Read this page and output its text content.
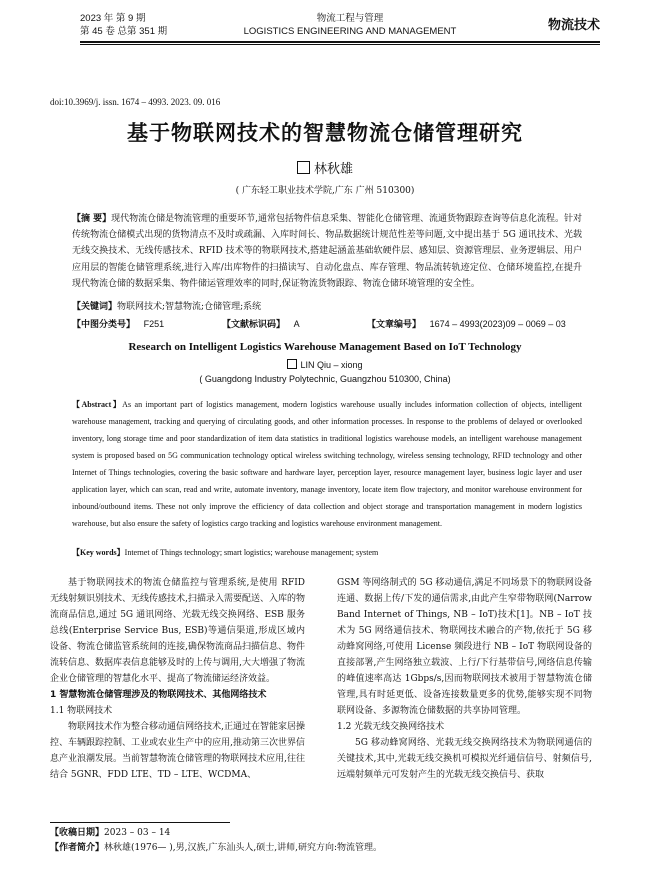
2023 年 第 9 期
第 45 卷 总第 351 期
物流工程与管理
LOGISTICS ENGINEERING AND MANAGEMENT	物流技术
doi:10.3969/j. issn. 1674 – 4993. 2023. 09. 016
基于物联网技术的智慧物流仓储管理研究
林秋雄
( 广东轻工职业技术学院,广东 广州 510300)
【摘 要】现代物流仓储是物流管理的重要环节,通常包括物件信息采集、智能化仓储管理、流通货物跟踪查询等信息化流程。针对传统物流仓储模式出现的货物清点不及时或疏漏、入库时间长、物品数据统计规范性差等问题,文中提出基于 5G 通讯技术、光载无线交换技术、无线传感技术、RFID 技术等的物联网技术,搭建起涵盖基础软硬件层、感知层、资源管理层、业务逻辑层、用户应用层的智能仓储管理系统,进行入库/出库物件的扫描读写、自动化盘点、库存管理、物品流转轨迹定位、仓储环境监控,在提升现代物流仓储的数据采集、物件储运管理效率的同时,保证物流货物跟踪、物流仓储环境管理的安全性。
【关键词】物联网技术;智慧物流;仓储管理;系统
【中图分类号】 F251	【文献标识码】 A	【文章编号】 1674 – 4993(2023)09 – 0069 – 03
Research on Intelligent Logistics Warehouse Management Based on IoT Technology
LIN Qiu – xiong
( Guangdong Industry Polytechnic, Guangzhou 510300, China)
【Abstract】As an important part of logistics management, modern logistics warehouse usually includes information collection of objects, intelligent warehouse management, tracking and querying of circulating goods, and other information processes. In response to the problems of delayed or overlooked inventory, long storage time and poor standardization of item data statistics in traditional logistics warehouse models, an intelligent warehouse management system is proposed based on 5G communication technology optical wireless switching technology, wireless sensing technology, RFID technology and other Internet of Things technologies, covering the basic software and hardware layer, perception layer, resource management layer, business logic layer and user application layer, which can scan, read and write, automate inventory, manage inventory, locate item flow trajectory, and monitor warehouse environment for inbound/outbound items. These not only improve the efficiency of data collection and object storage and transportation management in modern logistics warehouse, but also ensure the safety of logistics cargo tracking and logistics warehouse environment management.
【Key words】Internet of Things technology; smart logistics; warehouse management; system

基于物联网技术的物流仓储监控与管理系统,是使用 RFID 无线射频识别技术、无线传感技术,扫描录入需要配送、入库的物流商品信息,通过 5G 通讯网络、光载无线交换网络、ESB 服务总线(Enterprise Service Bus, ESB)等通信渠道,形成区域内设备、物流仓储监管系统间的连接,确保物流商品扫描信息、物件流转信息、数据库表信息能够及时的上传与调用,大大增强了物流企业仓储管理的智慧化水平、提高了物流储运经济效益。

1 智慧物流仓储管理涉及的物联网技术、其他网络技术

1.1 物联网技术

物联网技术作为整合移动通信网络技术,正通过在智能家居操控、车辆跟踪控制、工业或农业生产中的应用,推动第三次世界信息产业浪潮发展。当前智慧物流仓储管理的物联网技术应用,往往结合 5GNR、FDD LTE、TD – LTE、WCDMA、

GSM 等网络制式的 5G 移动通信,满足不同场景下的物联网设备连通、数据上传/下发的通信需求,由此产生窄带物联网(Narrow Band Internet of Things, NB – IoT)技术[1]。NB – IoT 技术为 5G 网络通信技术、物联网技术融合的产物,依托于 5G 移动蜂窝网络,可使用 License 频段进行 NB – IoT 物联网设备的直接部署,产生网络独立载波、上行/下行基带信号,网络信息传输的峰值速率高达 1Gbps/s,因而物联网技术被用于智慧物流仓储管理,具有时延更低、设备连接数量更多的优势,能够实现不同物联网设备、多源物流仓储数据的共享协同管理。

1.2 光载无线交换网络技术

5G 移动蜂窝网络、光载无线交换网络技术为物联网通信的关键技术,其中,光载无线交换机可模拟光纤通信信号、射频信号,远端射频单元可发射产生的光载无线交换信号、获取

【收稿日期】2023 – 03 – 14
【作者简介】林秋雄(1976— ),男,汉族,广东汕头人,硕士,讲师,研究方向:物流管理。
